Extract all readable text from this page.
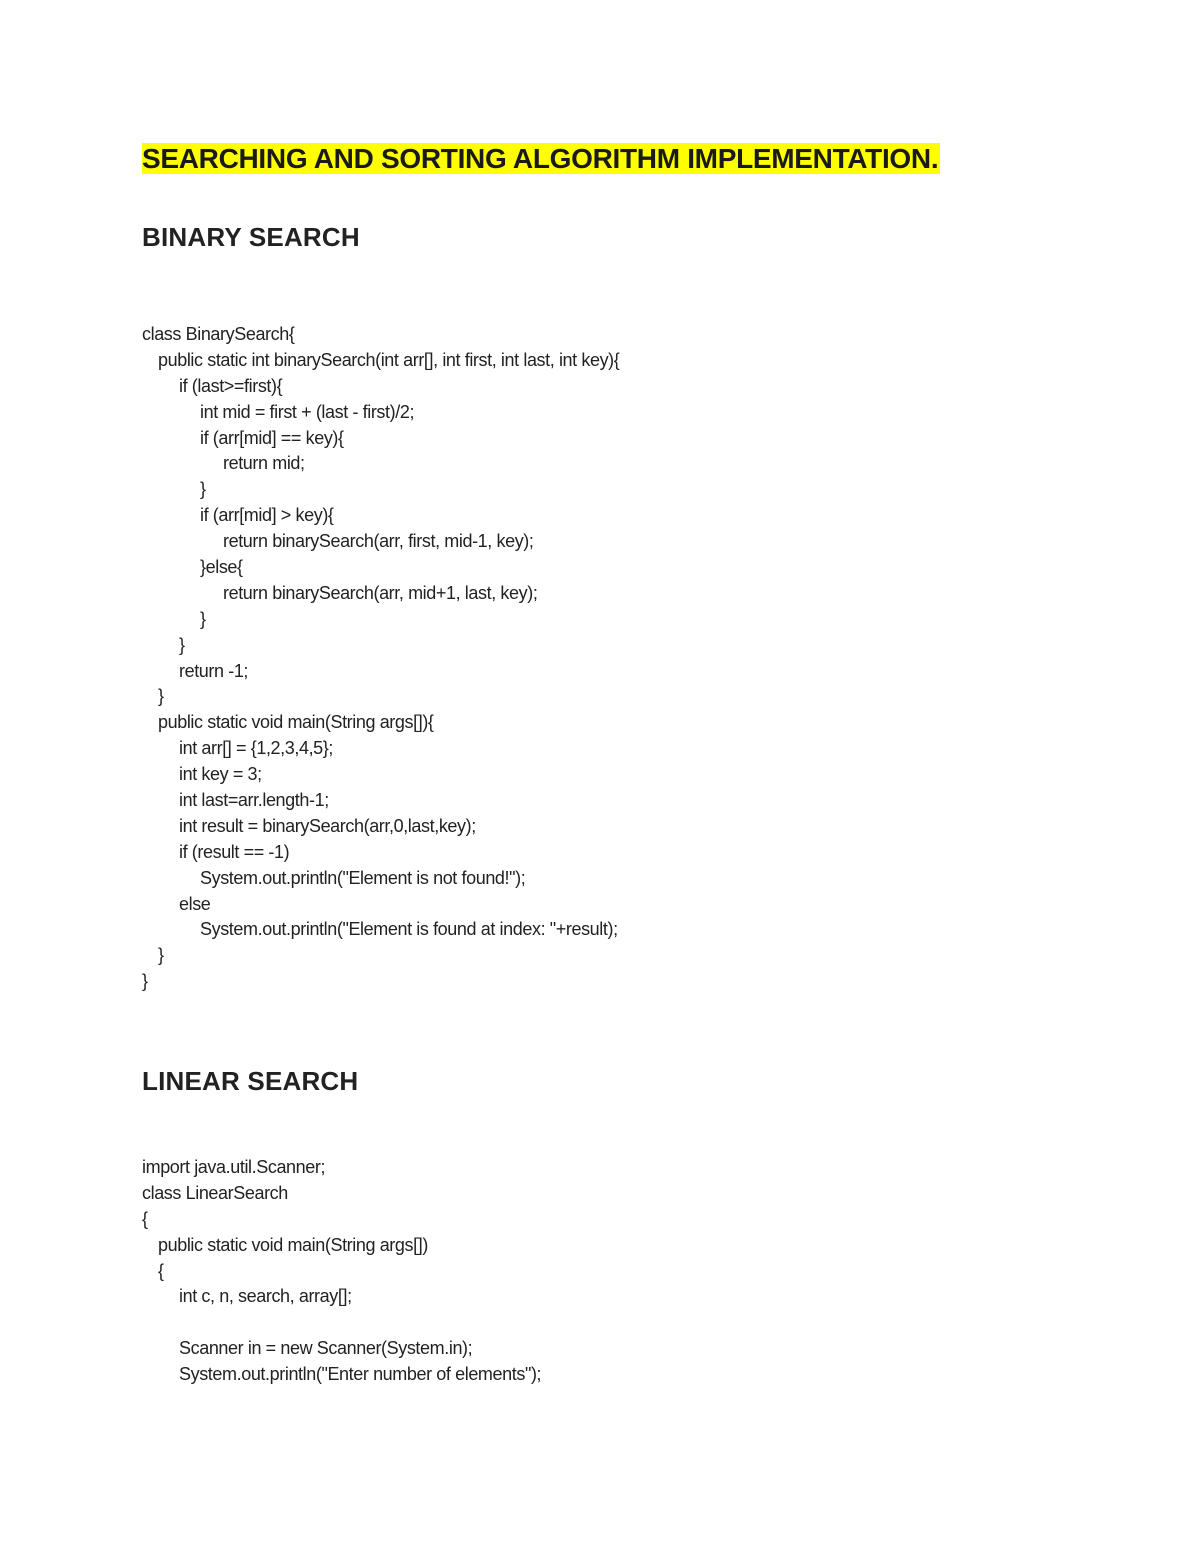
SEARCHING AND SORTING ALGORITHM IMPLEMENTATION.
BINARY SEARCH
class BinarySearch{
public static int binarySearch(int arr[], int first, int last, int key){
if (last>=first){
int mid = first + (last - first)/2;
if (arr[mid] == key){
return mid;
}
if (arr[mid] > key){
return binarySearch(arr, first, mid-1, key);
}else{
return binarySearch(arr, mid+1, last, key);
}
}
return -1;
}
public static void main(String args[]){
int arr[] = {1,2,3,4,5};
int key = 3;
int last=arr.length-1;
int result = binarySearch(arr,0,last,key);
if (result == -1)
System.out.println("Element is not found!");
else
System.out.println("Element is found at index: "+result);
}
}
LINEAR SEARCH
import java.util.Scanner;
class LinearSearch
{
public static void main(String args[])
{
int c, n, search, array[];
Scanner in = new Scanner(System.in);
System.out.println("Enter number of elements");
